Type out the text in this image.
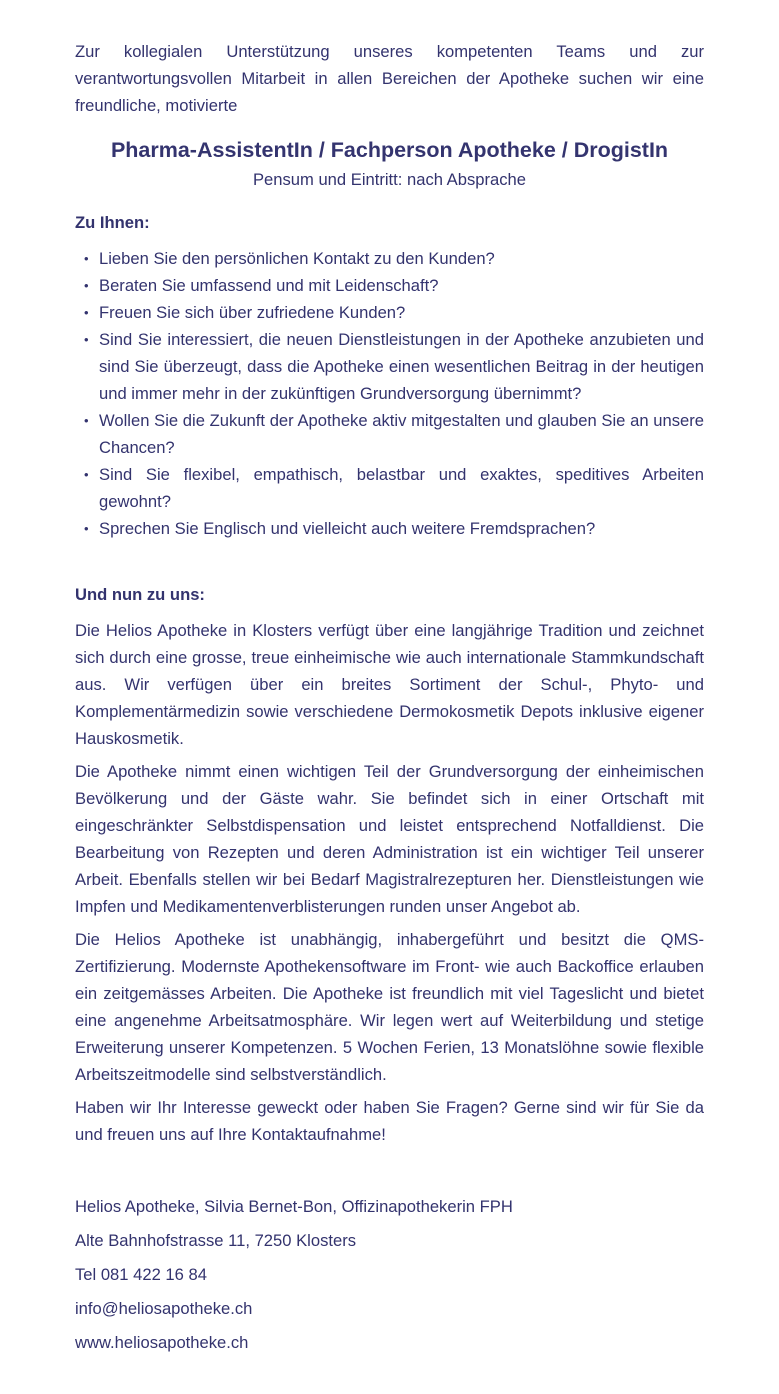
Zur kollegialen Unterstützung unseres kompetenten Teams und zur verantwortungsvollen Mitarbeit in allen Bereichen der Apotheke suchen wir eine freundliche, motivierte

Pharma-AssistentIn / Fachperson Apotheke / DrogistIn

Pensum und Eintritt: nach Absprache

Zu Ihnen:
• Lieben Sie den persönlichen Kontakt zu den Kunden?
• Beraten Sie umfassend und mit Leidenschaft?
• Freuen Sie sich über zufriedene Kunden?
• Sind Sie interessiert, die neuen Dienstleistungen in der Apotheke anzubieten und sind Sie überzeugt, dass die Apotheke einen wesentlichen Beitrag in der heutigen und immer mehr in der zukünftigen Grundversorgung übernimmt?
• Wollen Sie die Zukunft der Apotheke aktiv mitgestalten und glauben Sie an unsere Chancen?
• Sind Sie flexibel, empathisch, belastbar und exaktes, speditives Arbeiten gewohnt?
• Sprechen Sie Englisch und vielleicht auch weitere Fremdsprachen?
Und nun zu uns:

Die Helios Apotheke in Klosters verfügt über eine langjährige Tradition und zeichnet sich durch eine grosse, treue einheimische wie auch internationale Stammkundschaft aus. Wir verfügen über ein breites Sortiment der Schul-, Phyto- und Komplementärmedizin sowie verschiedene Dermokosmetik Depots inklusive eigener Hauskosmetik.

Die Apotheke nimmt einen wichtigen Teil der Grundversorgung der einheimischen Bevölkerung und der Gäste wahr. Sie befindet sich in einer Ortschaft mit eingeschränkter Selbstdispensation und leistet entsprechend Notfalldienst. Die Bearbeitung von Rezepten und deren Administration ist ein wichtiger Teil unserer Arbeit. Ebenfalls stellen wir bei Bedarf Magistralrezepturen her. Dienstleistungen wie Impfen und Medikamentenverblisterungen runden unser Angebot ab.

Die Helios Apotheke ist unabhängig, inhabergeführt und besitzt die QMS-Zertifizierung. Modernste Apothekensoftware im Front- wie auch Backoffice erlauben ein zeitgemässes Arbeiten. Die Apotheke ist freundlich mit viel Tageslicht und bietet eine angenehme Arbeitsatmosphäre. Wir legen wert auf Weiterbildung und stetige Erweiterung unserer Kompetenzen. 5 Wochen Ferien, 13 Monatslöhne sowie flexible Arbeitszeitmodelle sind selbstverständlich.

Haben wir Ihr Interesse geweckt oder haben Sie Fragen? Gerne sind wir für Sie da und freuen uns auf Ihre Kontaktaufnahme!

Helios Apotheke, Silvia Bernet-Bon, Offizinapothekerin FPH

Alte Bahnhofstrasse 11, 7250 Klosters

Tel 081 422 16 84

info@heliosapotheke.ch

www.heliosapotheke.ch
